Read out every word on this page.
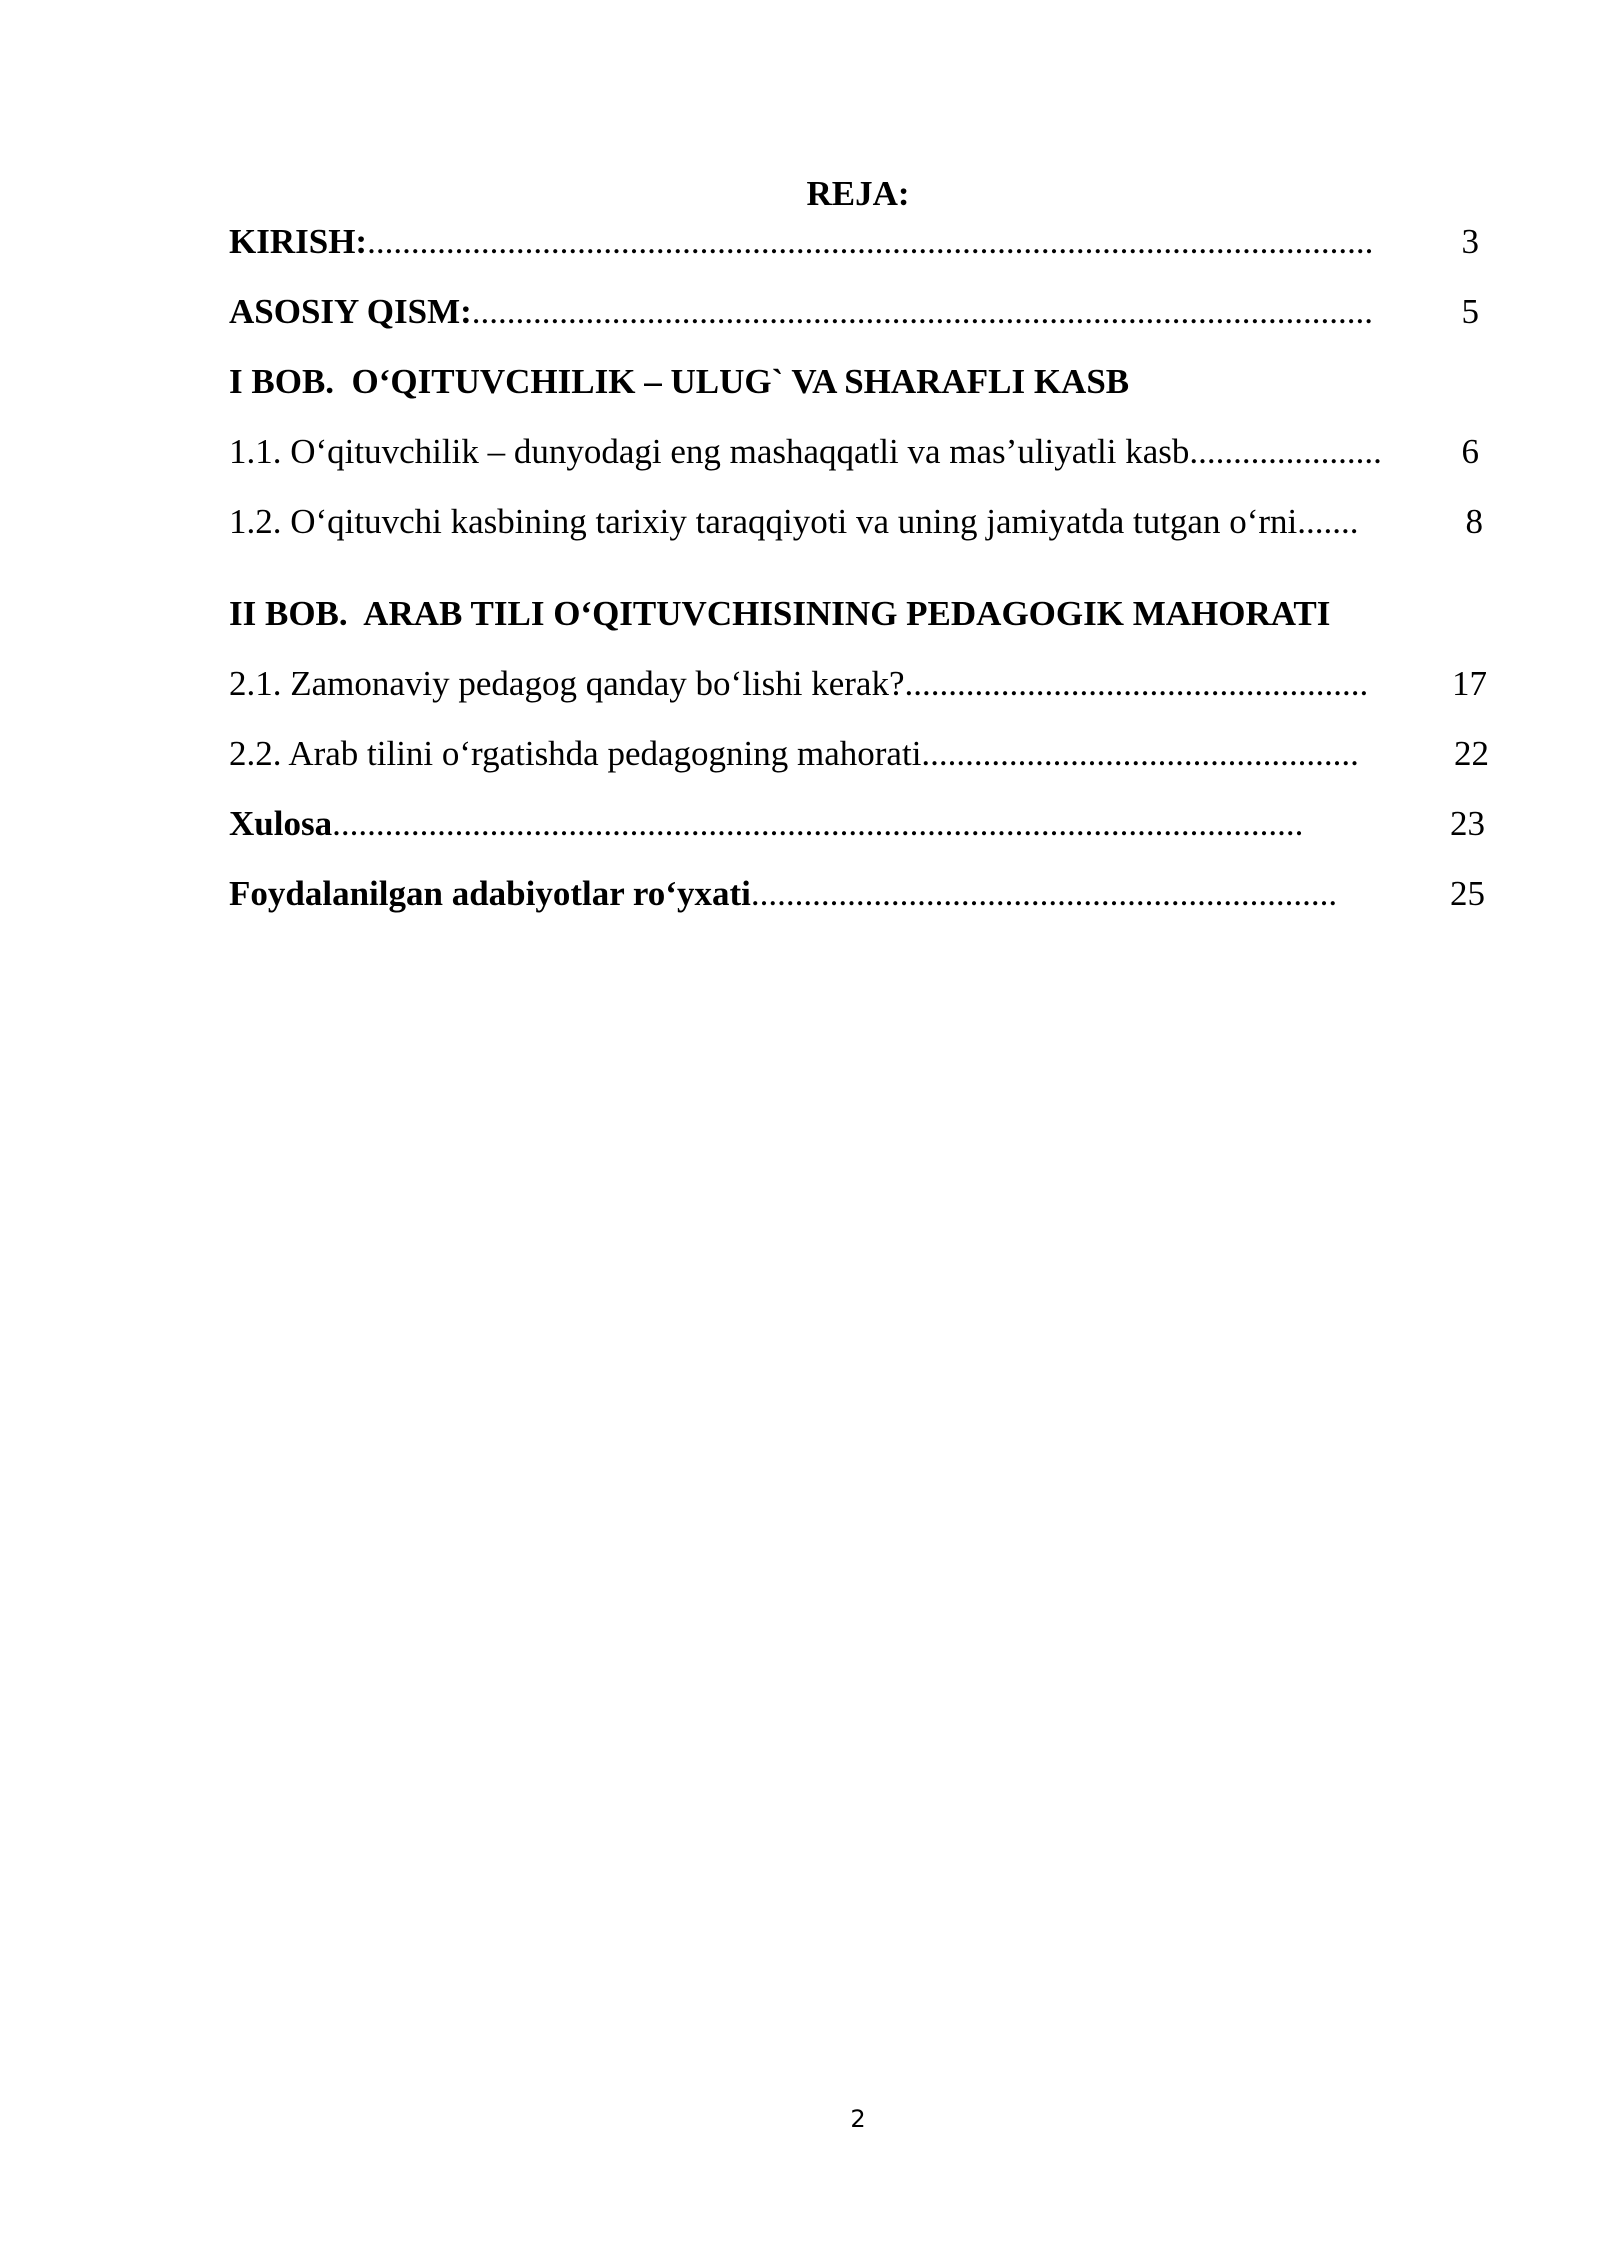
REJA:
KIRISH: ...................................................................................................................	3
ASOSIY QISM: .......................................................................................................	5
I BOB.  O‘QITUVCHILIK – ULUG` VA SHARAFLI KASB
1.1. O‘qituvchilik – dunyodagi eng mashaqqatli va mas’uliyatli kasb ......................	6
1.2. O‘qituvchi kasbining tarixiy taraqqiyoti va uning jamiyatda tutgan o‘rni .......	8
II BOB.  ARAB TILI O‘QITUVCHISINING PEDAGOGIK MAHORATI
2.1. Zamonaviy pedagog qanday bo‘lishi kerak? .....................................................	17
2.2. Arab tilini o‘rgatishda pedagogning mahorati ..................................................	22
Xulosa ...............................................................................................................	23
Foydalanilgan adabiyotlar ro‘yxati ...................................................................	25
2
